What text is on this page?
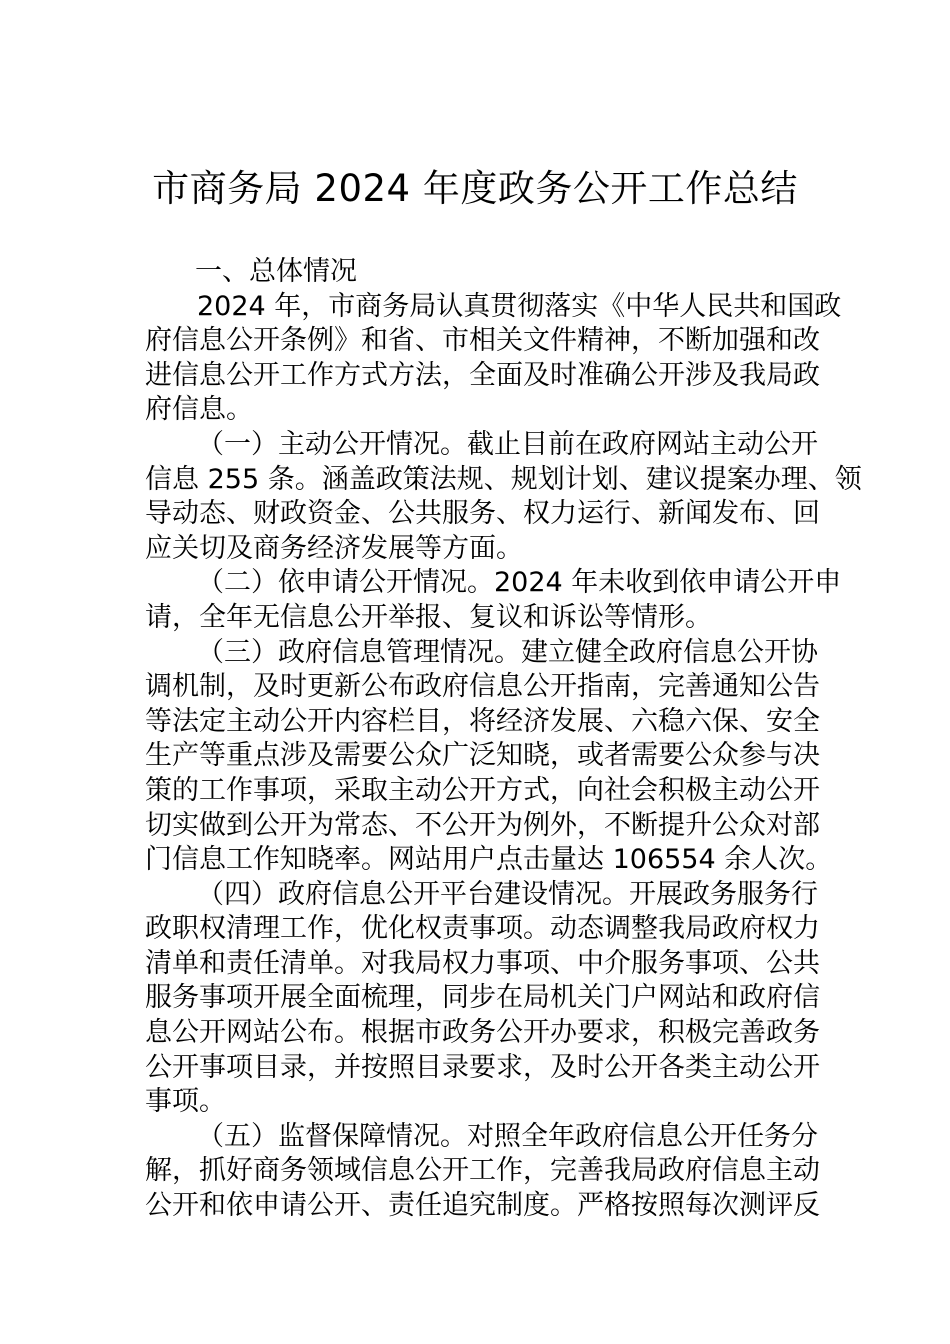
市商务局 2024 年度政务公开工作总结
一、总体情况
2024 年，市商务局认真贯彻落实《中华人民共和国政
府信息公开条例》和省、市相关文件精神，不断加强和改
进信息公开工作方式方法，全面及时准确公开涉及我局政
府信息。
（一）主动公开情况。截止目前在政府网站主动公开
信息 255 条。涵盖政策法规、规划计划、建议提案办理、领
导动态、财政资金、公共服务、权力运行、新闻发布、回
应关切及商务经济发展等方面。
（二）依申请公开情况。2024 年未收到依申请公开申
请，全年无信息公开举报、复议和诉讼等情形。
（三）政府信息管理情况。建立健全政府信息公开协
调机制，及时更新公布政府信息公开指南，完善通知公告
等法定主动公开内容栏目，将经济发展、六稳六保、安全
生产等重点涉及需要公众广泛知晓，或者需要公众参与决
策的工作事项，采取主动公开方式，向社会积极主动公开
切实做到公开为常态、不公开为例外，不断提升公众对部
门信息工作知晓率。网站用户点击量达 106554 余人次。
（四）政府信息公开平台建设情况。开展政务服务行
政职权清理工作，优化权责事项。动态调整我局政府权力
清单和责任清单。对我局权力事项、中介服务事项、公共
服务事项开展全面梳理，同步在局机关门户网站和政府信
息公开网站公布。根据市政务公开办要求，积极完善政务
公开事项目录，并按照目录要求，及时公开各类主动公开
事项。
（五）监督保障情况。对照全年政府信息公开任务分
解，抓好商务领域信息公开工作，完善我局政府信息主动
公开和依申请公开、责任追究制度。严格按照每次测评反
